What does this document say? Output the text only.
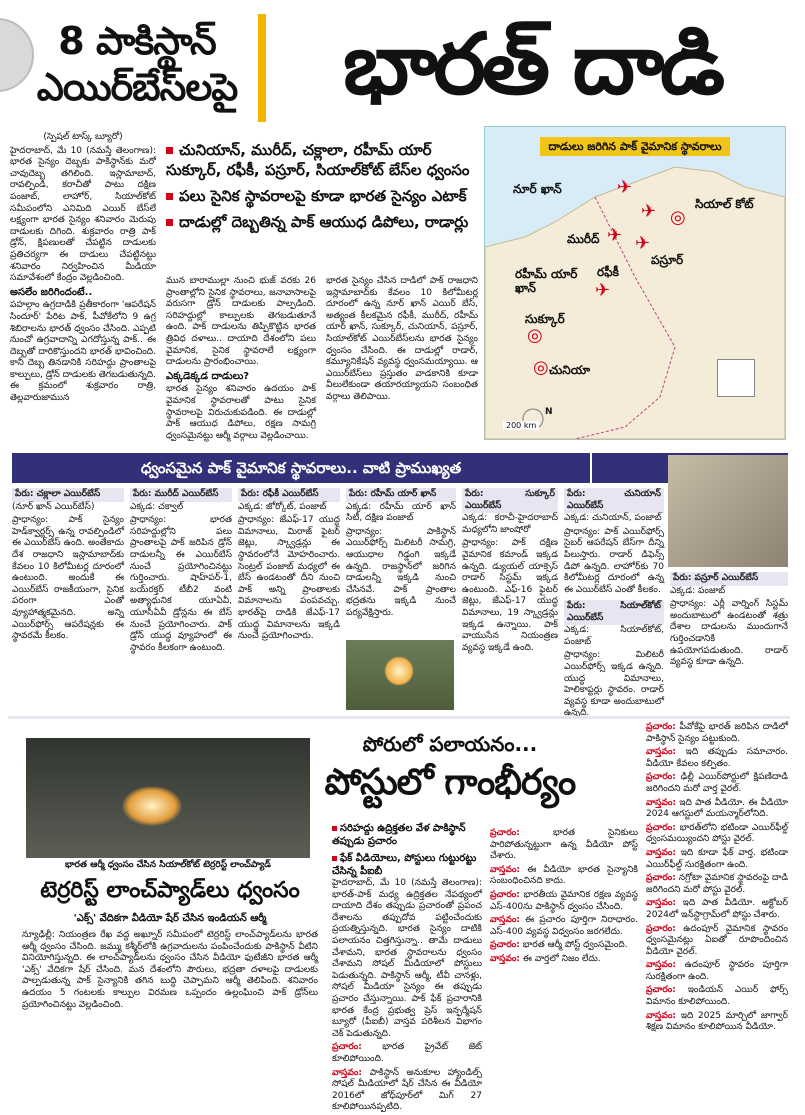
8 పాకిస్థాన్
ఎయిర్‌బేస్‌లపై	భారత్ దాడి

(స్పెషల్ టాస్క్ బ్యూరో)

హైదరాబాద్, మే 10 (నమస్తే తెలంగాణ): భారత సైన్యం దెబ్బకు పాకిస్థాన్‌కు మరో చావుదెబ్బ తగిలింది. ఇస్లామాబాద్, రావల్పిండి, కరాచీతో పాటు దక్షిణ పంజాబ్, లాహోర్, సియాల్‌కోట్ సమీపంలోని ఎనిమిది ఎయిర్ బేస్‌లే లక్ష్యంగా భారత సైన్యం శనివారం మెరుపు దాడులకు దిగింది. శుక్రవారం రాత్రి పాక్ డ్రోన్, క్షిపణులతో చేపట్టిన దాడులకు ప్రతిచర్యగా ఈ దాడులు చేపట్టినట్టు శనివారం నిర్వహించిన మీడియా సమావేశంలో కేంద్రం వెల్లడించింది.

అసలేం జరిగిందంటే..

పహల్గాం ఉగ్రదాడికి ప్రతీకారంగా 'ఆపరేషన్ సిందూర్' పేరిట పాక్, పీవోకేలోని 9 ఉగ్ర శిబిరాలను భారత్ ధ్వంసం చేసింది. ఎప్పటి నుంచో ఉగ్రవాదాన్ని ఎగదోస్తున్న పాక్.. ఈ దెబ్బతో దారికొస్తుందని భారత్ భావించింది. కానీ దెబ్బ తినడానికి సరిహద్దు ప్రాంతాలపై కాల్పులు, డ్రోన్ దాడులకు తెగబడుతున్నది. ఈ క్రమంలో శుక్రవారం రాత్రి, తెల్లవారుజామున

చునియాన్, మురీద్, చక్లాలా, రహీమ్ యార్ సుక్కూర్, రఫీకీ, పస్రూర్, సియాల్‌కోట్ బేస్‌ల ధ్వంసం
పలు సైనిక స్థావరాలపై కూడా భారత సైన్యం ఎటాక్
దాడుల్లో దెబ్బతిన్న పాక్ ఆయుధ డిపోలు, రాడార్లు

మున బారాముల్లా నుంచి భుజ్ వరకు 26 ప్రాంతాల్లోని సైనిక స్థావరాలు, జనావాసాలపై వరుసగా డ్రోన్ దాడులకు పాల్పడింది. సరిహద్దుల్లో కాల్పులకు తెగబడుతూనే ఉంది. పాక్ దాడులను తిప్పికొట్టిన భారత త్రివిధ దళాలు.. దాయాది దేశంలోని పలు వైమానిక, సైనిక స్థావరాలే లక్ష్యంగా దాడులను ప్రారంభించాయి.

ఎక్కడెక్కడ దాడులు?

భారత సైన్యం శనివారం ఉదయం పాక్ వైమానిక స్థావరాలతో పాటు సైనిక స్థావరాలపై విరుచుకుపడింది. ఈ దాడుల్లో పాక్ ఆయుధ డిపోలు, రక్షణ సామగ్రి ధ్వంసమైనట్టు ఆర్మీ వర్గాలు వెల్లడించాయి.

భారత సైన్యం చేసిన దాడిలో పాక్ రాజధాని ఇస్లామాబాద్‌కు కేవలం 10 కిలోమీటర్ల దూరంలో ఉన్న నూర్ ఖాన్ ఎయిర్ బేస్, అత్యంత కీలకమైన రఫీకీ, మురీద్, రహీమ్ యార్ ఖాన్, సుక్కూర్, చునియాన్, పస్రూర్, సియాల్‌కోట్ ఎయిర్‌బేస్‌లను భారత సైన్యం ధ్వంసం చేసింది. ఈ దాడుల్లో రాడార్, కమ్యూనికేషన్ వ్యవస్థ ధ్వంసమయ్యాయి. ఆ ఎయిర్‌బేస్‌లు ప్రస్తుతం వాడకానికి కూడా వీలులేకుండా తయారయ్యాయని సంబంధిత వర్గాలు తెలిపాయి.

దాడులు జరిగిన పాక్ వైమానిక స్థావరాలు
నూర్ ఖాన్	✈
సియాల్ కోట్
✈ ◎
మురీద్ ✈ ✈
రహీమ్ యార్ ఖాన్	✈
రఫీకీ
పస్రూర్
సుక్కూర్
◎
చునియా
◎
200 km
N
ధ్వంసమైన పాక్ వైమానిక స్థావరాలు.. వాటి ప్రాముఖ్యత
పేరు: చక్లాలా ఎయిర్‌బేస్

(నూర్ ఖాన్ ఎయిర్‌బేస్)

ప్రాధాన్యం: పాక్ సైన్యం హెడ్‌క్వార్టర్స్ ఉన్న రావల్పిండిలో ఈ ఎయిర్‌బేస్ ఉంది. అంతేకాదు దేశ రాజధాని ఇస్లామాబాద్‌కు కేవలం 10 కిలోమీటర్ల దూరంలో ఉంటుంది. అందుకే ఈ ఎయిర్‌బేస్ రాజకీయంగా, సైనిక పరంగా ఎంతో వ్యూహాత్మకమైనది. అన్ని ఎయిర్‌ఫోర్స్ ఆపరేషన్లకు ఈ స్థావరమే కీలకం.

పేరు: మురీద్ ఎయిర్‌బేస్

ఎక్కడ: చక్వాల్

ప్రాధాన్యం: భారత సరిహద్దుల్లోని పలు ప్రాంతాలపై పాక్ జరిపిన డ్రోన్ దాడులన్నీ ఈ ఎయిర్‌బేస్ నుంచే ప్రయోగించినట్టు గుర్తించారు. షాహ్‌పర్-1, బయ్‌రక్తర్ టీబీ2 వంటి అత్యాధునిక యూఏవీ, యూసీఏవీ డ్రోన్లను ఈ బేస్ నుంచే ప్రయోగించారు. పాక్ డ్రోన్ యుద్ధ వ్యూహంలో ఈ స్థావరం కీలకంగా ఉంటుంది.

పేరు: రఫీకీ ఎయిర్‌బేస్

ఎక్కడ: జోర్కోట్, పంజాబ్

ప్రాధాన్యం: జేఎఫ్-17 యుద్ధ విమానాలు, మిరాజ్ ఫైటర్ జెట్లు, స్క్వాడ్రన్లు ఈ స్థావరంలోనే మోహరించారు. సెంట్రల్ పంజాబ్ మధ్యలో ఈ బేస్ ఉండటంతో దీని నుంచి పాక్ అన్ని ప్రాంతాలకు విమానాలను పంపవచ్చు. భారత్‌పై దాడికి జేఎఫ్-17 యుద్ధ విమానాలను ఇక్కడి నుంచే ప్రయోగించారు.

పేరు: రహీమ్ యార్ ఖాన్

ఎక్కడ: రహీమ్ యార్ ఖాన్ సిటీ, దక్షిణ పంజాబ్

ప్రాధాన్యం: పాకిస్థాన్ ఎయిర్‌ఫోర్స్ మిలిటరీ సామగ్రి, ఆయుధాల గిడ్డంగి ఇక్కడే ఉన్నది. రాజస్థాన్‌లో జరిగిన దాడులన్నీ ఇక్కడి నుంచి చేసినవే. పాక్ ప్రాంతాల భద్రతను ఇక్కడి నుంచే పర్యవేక్షిస్తారు.

పేరు: సుక్కూర్ ఎయిర్‌బేస్

ఎక్కడ: కరాచీ-హైదరాబాద్ మధ్యలోని జాంషోరో

ప్రాధాన్యం: పాక్ దక్షిణ వైమానిక కమాండ్ ఇక్కడ ఉన్నది. డ్యుయల్ యాక్సెస్ రాడార్ సిస్టమ్ ఇక్కడ ఉంటుంది. ఎఫ్-16 ఫైటర్ జెట్లు, జేఎఫ్-17 యుద్ధ విమానాలు, 19 స్క్వాడ్రన్లు ఇక్కడ ఉన్నాయి. పాక్ వాయుసేన నియంత్రణ వ్యవస్థ ఇక్కడే ఉంది.

పేరు: చునియాన్ ఎయిర్‌బేస్

ఎక్కడ: చునియాన్, పంజాబ్

ప్రాధాన్యం: పాక్ ఎయిర్‌ఫోర్స్ సైబర్ ఆపరేషన్ బేస్‌గా దీన్ని పిలుస్తారు. రాడార్ డిఫెన్స్ డిపో ఉన్నది. లాహోర్‌కు 70 కిలోమీటర్ల దూరంలో ఉన్న ఈ ఎయిర్‌బేస్ ఎంతో కీలకం.

పేరు: సియాల్‌కోట్ ఎయిర్‌బేస్

ఎక్కడ: సియాల్‌కోట్, పంజాబ్

ప్రాధాన్యం: మిలిటరీ ఎయిర్‌ఫోర్స్ ఇక్కడ ఉన్నది. యుద్ధ విమానాలు, హెలికాప్టర్లు స్థావరం. రాడార్ వ్యవస్థ కూడా అందుబాటులో ఉన్నది.

పేరు: పస్రూర్ ఎయిర్‌బేస్

ఎక్కడ: పంజాబ్

ప్రాధాన్యం: ఎర్లీ వార్నింగ్ సిస్టమ్ అందుబాటులో ఉండటంతో శత్రు దేశాల దాడులను ముందుగానే గుర్తించడానికి ఉపయోగపడుతుంది. రాడార్ వ్యవస్థ కూడా ఉన్నది.

భారత ఆర్మీ ధ్వంసం చేసిన సియాల్‌కోట్ టెర్రరిస్ట్ లాంచ్‌ప్యాడ్
టెర్రరిస్ట్ లాంచ్‌ప్యాడ్‌లు ధ్వంసం
'ఎక్స్' వేదికగా వీడియో షేర్ చేసిన ఇండియన్ ఆర్మీ

న్యూఢిల్లీ: నియంత్రణ రేఖ వద్ద అఖ్నూర్ సమీపంలో టెర్రరిస్ట్ లాంచ్‌ప్యాడ్‌లను భారత ఆర్మీ ధ్వంసం చేసింది. జమ్ము కశ్మీర్‌లోకి ఉగ్రవాదులను పంపించేందుకు పాకిస్థాన్ వీటిని వినియోగిస్తున్నది. ఈ లాంచ్‌ప్యాడ్‌లను ధ్వంసం చేసిన వీడియో ఫుటేజీని భారత ఆర్మీ 'ఎక్స్' వేదికగా షేర్ చేసింది. మన దేశంలోని పౌరులు, భద్రతా దళాలపై దాడులకు పాల్పడుతున్న పాక్ సైన్యానికి తగిన బుద్ధి చెప్పామని ఆర్మీ తెలిపింది. శనివారం ఉదయం 5 గంటలకు కాల్పుల విరమణ ఒప్పందం ఉల్లంఘించి పాక్ డ్రోన్‌లు ప్రయోగించినట్టు వెల్లడించింది.

పోరులో పలాయనం...
పోస్టులో గాంభీర్యం
సరిహద్దు ఉద్రిక్తతల వేళ పాకిస్థాన్ తప్పుడు ప్రచారం
ఫేక్ వీడియోలు, పోస్టులు గుట్టురట్టు చేసిన్న పీఐబీ

హైదరాబాద్, మే 10 (నమస్తే తెలంగాణ): భారత్-పాక్ మధ్య ఉద్రిక్తతల నేపథ్యంలో దాయాది దేశం తప్పుడు ప్రచారంతో ప్రపంచ దేశాలను తప్పుదోవ పట్టించేందుకు ప్రయత్నిస్తున్నది. భారత సైన్యం దాటికి పలాయనం చిత్తగిస్తున్నా.. తామే దాడులు చేశామని, భారత స్థావరాలను ధ్వంసం చేశామని సోషల్ మీడియాలో పోస్టులు పెడుతున్నది. పాకిస్థాన్ ఆర్మీ, టీవీ చానళ్లు, సోషల్ మీడియా సైన్యం ఈ తప్పుడు ప్రచారం చేస్తున్నాయి. పాక్ ఫేక్ ప్రచారానికి భారత కేంద్ర ప్రభుత్వ ప్రెస్ ఇన్ఫర్మేషన్ బ్యూరో (పీఐబీ) వాస్తవ పరిశీలన విభాగం చెక్ పెడుతున్నది.

ప్రచారం: భారత ప్రైవేట్ జెట్ కూలిపోయింది.

వాస్తవం: పాకిస్థాన్ అనుకూల హ్యాండిల్స్ సోషల్ మీడియాలో షేర్ చేసిన ఈ వీడియో 2016లో జోధ్‌పూర్‌లో మిగ్ 27 కూలిపోయినప్పటిది.

ప్రచారం:	భారత సైనికులు పారిపోతున్నట్టుగా ఉన్న వీడియో పోస్ట్ చేశారు.

వాస్తవం: ఈ వీడియో భారత సైన్యానికి సంబంధించినది కాదు.

ప్రచారం: భారతీయ వైమానిక రక్షణ వ్యవస్థ ఎస్-400ను పాకిస్థాన్ ధ్వంసం చేసింది.

వాస్తవం: ఈ ప్రచారం పూర్తిగా నిరాధారం. ఎస్-400 వ్యవస్థ విధ్వంసం జరగలేదు.

ప్రచారం: భారత ఆర్మీ పోస్ట్ ధ్వంసమైంది.

వాస్తవం: ఈ వార్తలో నిజం లేదు.

ప్రచారం: పీవోకేపై భారత్ జరిపిన దాడిలో పాకిస్థాన్ సైన్యం పట్టుకుంది.

వాస్తవం: ఇది తప్పుడు సమాచారం. వీడియో కేవలం కల్పితం.

ప్రచారం: ఢిల్లీ ఎయిర్‌పోర్టులో క్షిపణిదాడి జరిగిందని మరో వార్త వైరల్.

వాస్తవం: ఇది పాత వీడియో. ఈ వీడియో 2024 ఆగస్టులో మయన్మార్‌లోనిది.

ప్రచారం: భారత్‌లోని భటిండా ఎయిర్‌ఫీల్డ్ ధ్వంసమయ్యిందని పోస్టు వైరల్.

వాస్తవం: ఇది కూడా ఫేక్ వార్త. భటిండా ఎయిర్‌ఫీల్డ్ సురక్షితంగా ఉంది.

ప్రచారం: నగ్రోటా వైమానిక స్థావరంపై దాడి జరిగిందని మరో పోస్టు వైరల్.

వాస్తవం: ఇది పాత వీడియో. అక్టోబర్ 2024లో ఇన్‌స్టాగ్రామ్‌లో పోస్టు చేశారు.

ప్రచారం: ఉదంపూర్ వైమానిక స్థావరం ధ్వంసమైనట్లు ఏఐతో రూపొందించిన వీడియో వైరల్.

వాస్తవం: ఉదంపూర్ స్థావరం పూర్తిగా సురక్షితంగా ఉంది.

ప్రచారం: ఇండియన్ ఎయిర్ ఫోర్స్ విమానం కూలిపోయింది.

వాస్తవం: ఇది 2025 మార్చిలో జాగ్వార్ శిక్షణ విమానం కూలిపోయిన వీడియో.
